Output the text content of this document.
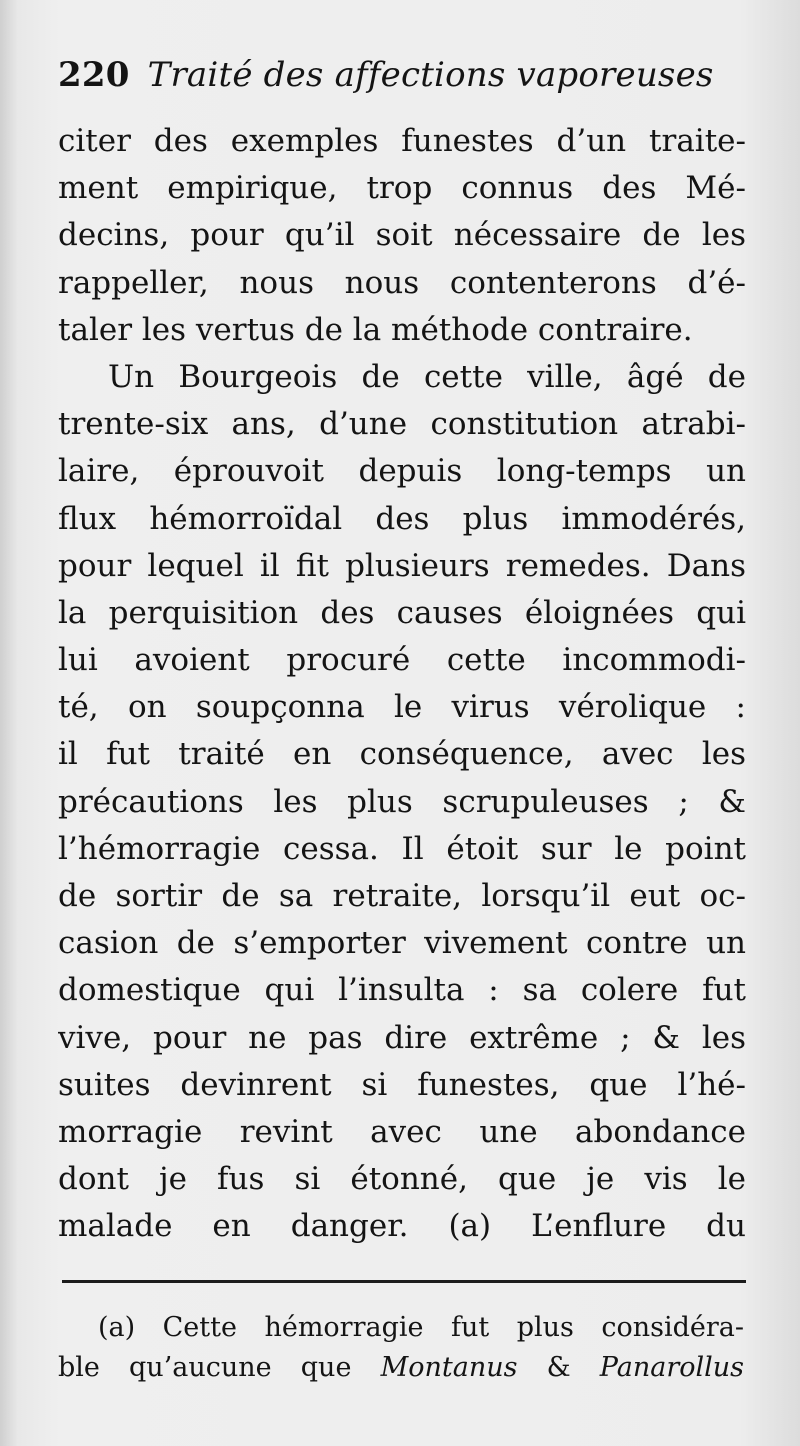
220 Traité des affections vaporeuses
citer des exemples funestes d’un traite-
ment empirique, trop connus des Mé-
decins, pour qu’il soit nécessaire de les
rappeller, nous nous contenterons d’é-
taler les vertus de la méthode contraire.
Un Bourgeois de cette ville, âgé de
trente-six ans, d’une constitution atrabi-
laire, éprouvoit depuis long-temps un
flux hémorroïdal des plus immodérés,
pour lequel il fit plusieurs remedes. Dans
la perquisition des causes éloignées qui
lui avoient procuré cette incommodi-
té, on soupçonna le virus vérolique :
il fut traité en conséquence, avec les
précautions les plus scrupuleuses ; &
l’hémorragie cessa. Il étoit sur le point
de sortir de sa retraite, lorsqu’il eut oc-
casion de s’emporter vivement contre un
domestique qui l’insulta : sa colere fut
vive, pour ne pas dire extrême ; & les
suites devinrent si funestes, que l’hé-
morragie revint avec une abondance
dont je fus si étonné, que je vis le
malade en danger. (a) L’enflure du
(a) Cette hémorragie fut plus considéra-
ble qu’aucune que Montanus & Panarollus
